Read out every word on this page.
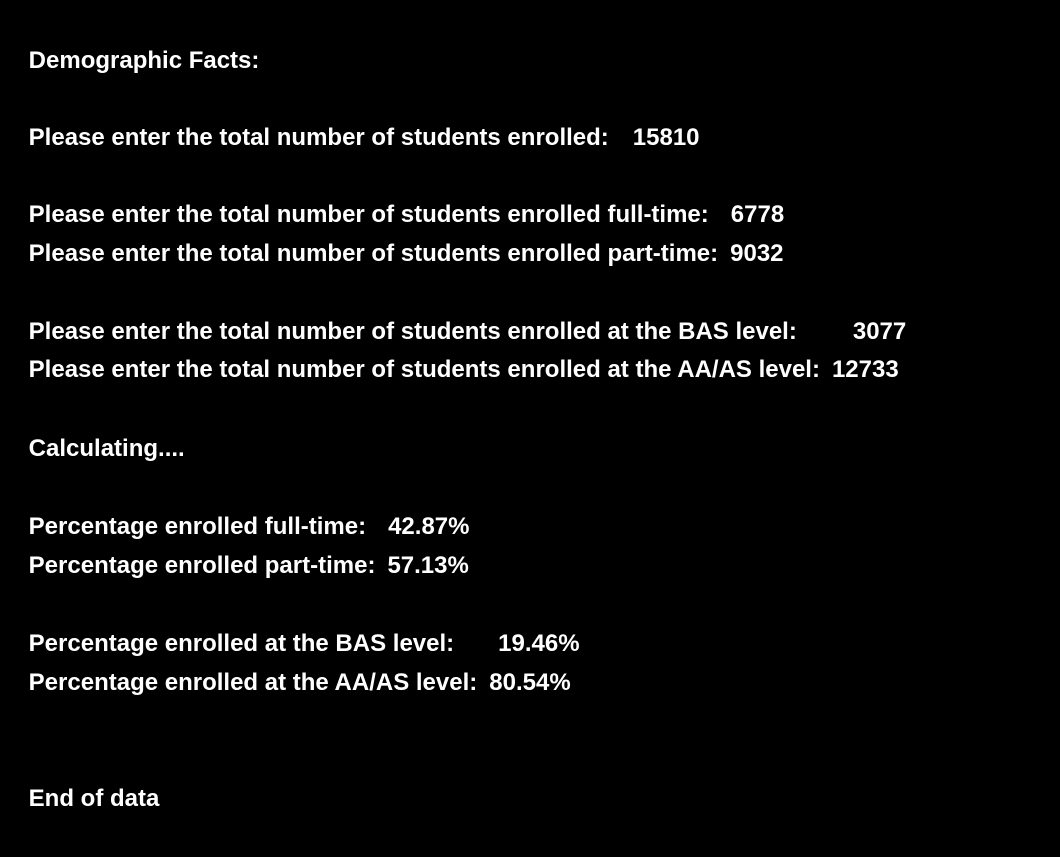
Demographic Facts:

Please enter the total number of students enrolled: 15810

Please enter the total number of students enrolled full-time: 6778

Please enter the total number of students enrolled part-time: 9032

Please enter the total number of students enrolled at the BAS level: 3077

Please enter the total number of students enrolled at the AA/AS level: 12733

Calculating....

Percentage enrolled full-time: 42.87%

Percentage enrolled part-time: 57.13%

Percentage enrolled at the BAS level: 19.46%

Percentage enrolled at the AA/AS level: 80.54%

End of data
